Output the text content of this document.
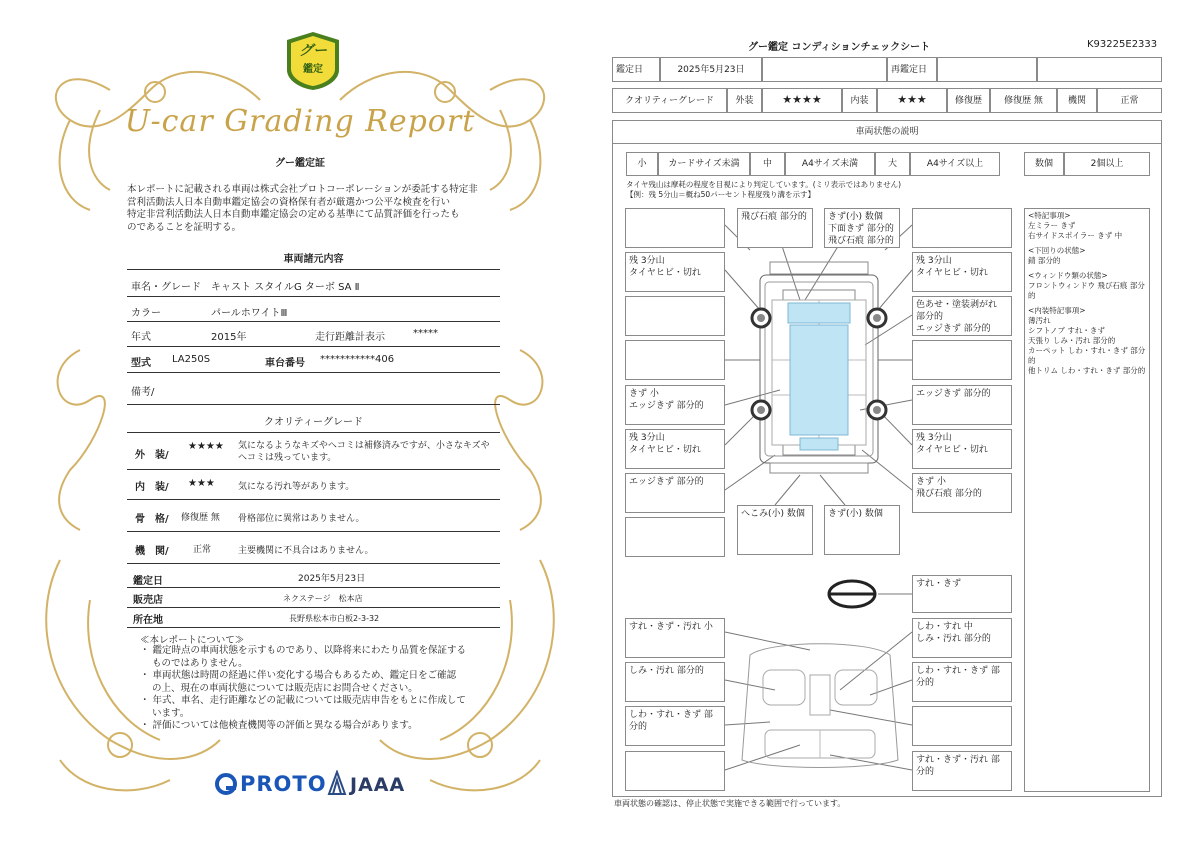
グー
鑑定
U-car Grading Report
グー鑑定証
本レポートに記載される車両は株式会社プロトコーポレーションが委託する特定非
営利活動法人日本自動車鑑定協会の資格保有者が厳選かつ公平な検査を行い
特定非営利活動法人日本自動車鑑定協会の定める基準にて品質評価を行ったも
のであることを証明する。
車両諸元内容
車名・グレード キャスト スタイルG ターボ SA Ⅱ
カラー	パールホワイトⅢ
年式	2015年	走行距離計表示	*****
型式 LA250S	車台番号 ***********406
備考/
クオリティーグレード
外　装/
★★★★ 気になるようなキズやヘコミは補修済みですが、小さなキズや
ヘコミは残っています。
内　装/ ★★★	気になる汚れ等があります。
骨　格/ 修復歴 無 骨格部位に異常はありません。
機　関/	正常	主要機関に不具合はありません。
鑑定日	2025年5月23日
販売店	ネクステージ　松本店
所在地	長野県松本市白板2-3-32
≪本レポートについて≫
・ 鑑定時点の車両状態を示すものであり、以降将来にわたり品質を保証する
ものではありません。
・ 車両状態は時間の経過に伴い変化する場合もあるため、鑑定日をご確認
の上、現在の車両状態については販売店にお問合せください。
・ 年式、車名、走行距離などの記載については販売店申告をもとに作成して
います。
・ 評価については他検査機関等の評価と異なる場合があります。
PROTO JAAA
グー鑑定 コンディションチェックシート	K93225E2333
鑑定日	2025年5月23日	再鑑定日
クオリティーグレード	外装	★★★★	内装	★★★	修復歴	修復歴 無	機関	正常
車両状態の説明
小	カードサイズ未満	中	A4サイズ未満	大	A4サイズ以上	数個	2個以上
タイヤ残山は摩耗の程度を目視により判定しています。(ミリ表示ではありません)
【例：残 5分山＝概ね50パーセント程度残り溝を示す】
飛び石痕 部分的	きず(小) 数個
下面きず 部分的
飛び石痕 部分的
残 3分山
タイヤヒビ・切れ
残 3分山
タイヤヒビ・切れ
色あせ・塗装剥がれ 部分的
エッジきず 部分的
きず 小
エッジきず 部分的
エッジきず 部分的
残 3分山
タイヤヒビ・切れ
残 3分山
タイヤヒビ・切れ
エッジきず 部分的	きず 小
飛び石痕 部分的
へこみ(小) 数個	きず(小) 数個
すれ・きず
すれ・きず・汚れ 小	しわ・すれ 中
しみ・汚れ 部分的
しみ・汚れ 部分的	しわ・すれ・きず 部分的
しわ・すれ・きず 部分的
すれ・きず・汚れ 部分的
<特記事項>
左ミラー きず
右サイドスポイラー きず 中
<下回りの状態>
錆 部分的
<ウィンドウ類の状態>
フロントウィンドウ 飛び石痕 部分的
<内装特記事項>
薄汚れ
シフトノブ すれ・きず
天張り しみ・汚れ 部分的
カーペット しわ・すれ・きず 部分的
他トリム しわ・すれ・きず 部分的
車両状態の確認は、停止状態で実施できる範囲で行っています。
